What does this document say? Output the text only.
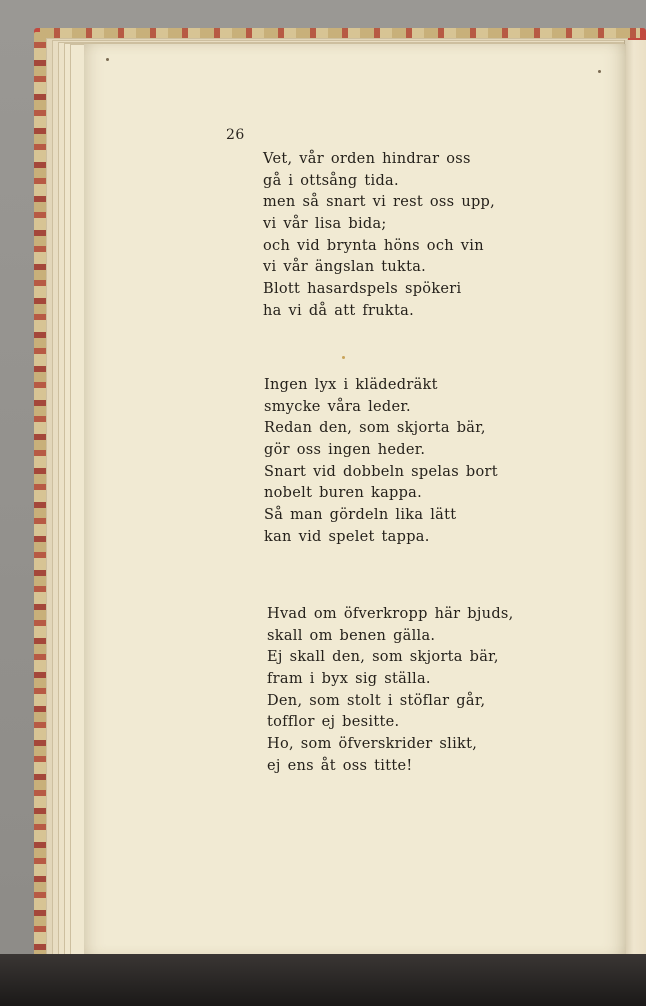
26
Vet, vår orden hindrar oss
gå i ottsång tida.
men så snart vi rest oss upp,
vi vår lisa bida;
och vid brynta höns och vin
vi vår ängslan tukta.
Blott hasardspels spökeri
ha vi då att frukta.
Ingen lyx i klädedräkt
smycke våra leder.
Redan den, som skjorta bär,
gör oss ingen heder.
Snart vid dobbeln spelas bort
nobelt buren kappa.
Så man gördeln lika lätt
kan vid spelet tappa.
Hvad om öfverkropp här bjuds,
skall om benen gälla.
Ej skall den, som skjorta bär,
fram i byx sig ställa.
Den, som stolt i stöflar går,
tofflor ej besitte.
Ho, som öfverskrider slikt,
ej ens åt oss titte!
